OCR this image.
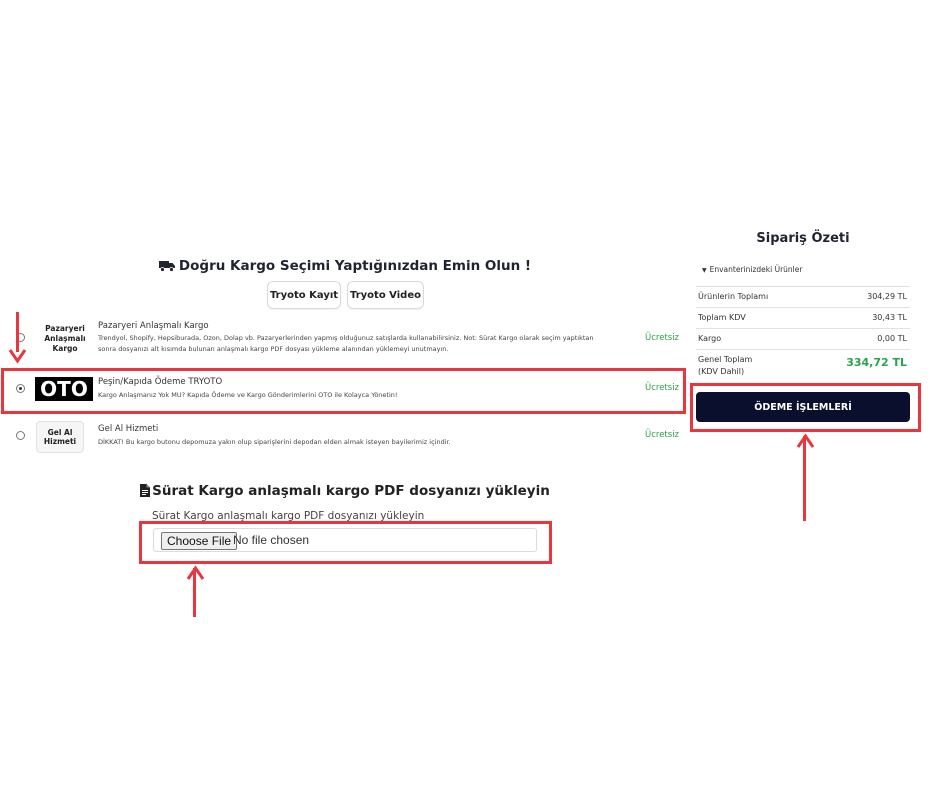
Doğru Kargo Seçimi Yaptığınızdan Emin Olun !
Tryoto Kayıt	Tryoto Video
Pazaryeri
Anlaşmalı Kargo
Pazaryeri Anlaşmalı Kargo
Trendyol, Shopify, Hepsiburada, Ozon, Dolap vb. Pazaryerlerinden yapmış olduğunuz satışlarda kullanabilirsiniz. Not: Sürat Kargo olarak seçim yaptıktan
sonra dosyanızı alt kısımda bulunan anlaşmalı kargo PDF dosyası yükleme alanından yüklemeyi unutmayın.
Ücretsiz
OTO	Peşin/Kapıda Ödeme TRYOTO
Kargo Anlaşmanız Yok MU? Kapıda Ödeme ve Kargo Gönderimlerini OTO ile Kolayca Yönetin!
Ücretsiz
Gel Al
Hizmeti
Gel Al Hizmeti
DİKKAT! Bu kargo butonu depomuza yakın olup siparişlerini depodan elden almak isteyen bayilerimiz içindir.
Ücretsiz
Sürat Kargo anlaşmalı kargo PDF dosyanızı yükleyin
Sürat Kargo anlaşmalı kargo PDF dosyanızı yükleyin
Choose File No file chosen
Sipariş Özeti
▼ Envanterinizdeki Ürünler
Ürünlerin Toplamı	304,29 TL
Toplam KDV	30,43 TL
Kargo	0,00 TL
Genel Toplam
(KDV Dahil)
334,72 TL
ÖDEME İŞLEMLERİ
